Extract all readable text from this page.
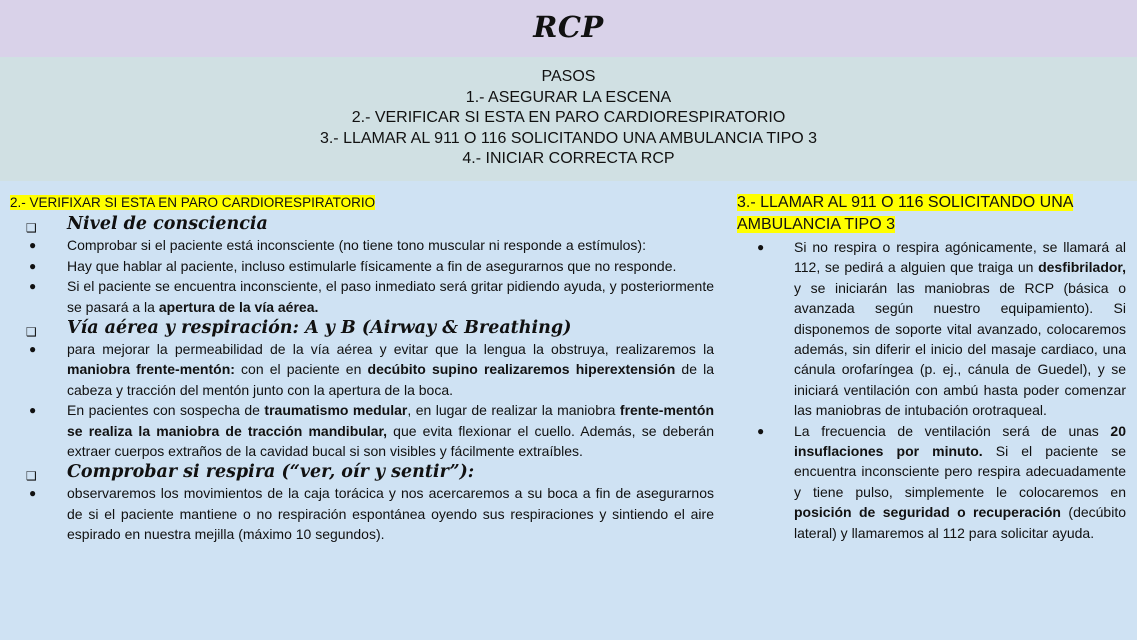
RCP
PASOS
1.- ASEGURAR LA ESCENA
2.- VERIFICAR SI ESTA EN PARO CARDIORESPIRATORIO
3.- LLAMAR AL 911 O 116 SOLICITANDO UNA AMBULANCIA TIPO 3
4.- INICIAR CORRECTA RCP
2.- VERIFIXAR SI ESTA EN PARO CARDIORESPIRATORIO
❑ Nivel de consciencia
● Comprobar si el paciente está inconsciente (no tiene tono muscular ni responde a estímulos):
● Hay que hablar al paciente, incluso estimularle físicamente a fin de asegurarnos que no responde.
● Si el paciente se encuentra inconsciente, el paso inmediato será gritar pidiendo ayuda, y posteriormente se pasará a la apertura de la vía aérea.
❑ Vía aérea y respiración: A y B (Airway & Breathing)
● para mejorar la permeabilidad de la vía aérea y evitar que la lengua la obstruya, realizaremos la maniobra frente-mentón: con el paciente en decúbito supino realizaremos hiperextensión de la cabeza y tracción del mentón junto con la apertura de la boca.
● En pacientes con sospecha de traumatismo medular, en lugar de realizar la maniobra frente-mentón se realiza la maniobra de tracción mandibular, que evita flexionar el cuello. Además, se deberán extraer cuerpos extraños de la cavidad bucal si son visibles y fácilmente extraíbles.
❑ Comprobar si respira (“ver, oír y sentir”):
● observaremos los movimientos de la caja torácica y nos acercaremos a su boca a fin de asegurarnos de si el paciente mantiene o no respiración espontánea oyendo sus respiraciones y sintiendo el aire espirado en nuestra mejilla (máximo 10 segundos).
3.- LLAMAR AL 911 O 116 SOLICITANDO UNA AMBULANCIA TIPO 3
● Si no respira o respira agónicamente, se llamará al 112, se pedirá a alguien que traiga un desfibrilador, y se iniciarán las maniobras de RCP (básica o avanzada según nuestro equipamiento). Si disponemos de soporte vital avanzado, colocaremos además, sin diferir el inicio del masaje cardiaco, una cánula orofaríngea (p. ej., cánula de Guedel), y se iniciará ventilación con ambú hasta poder comenzar las maniobras de intubación orotraqueal.
● La frecuencia de ventilación será de unas 20 insuflaciones por minuto. Si el paciente se encuentra inconsciente pero respira adecuadamente y tiene pulso, simplemente le colocaremos en posición de seguridad o recuperación (decúbito lateral) y llamaremos al 112 para solicitar ayuda.
